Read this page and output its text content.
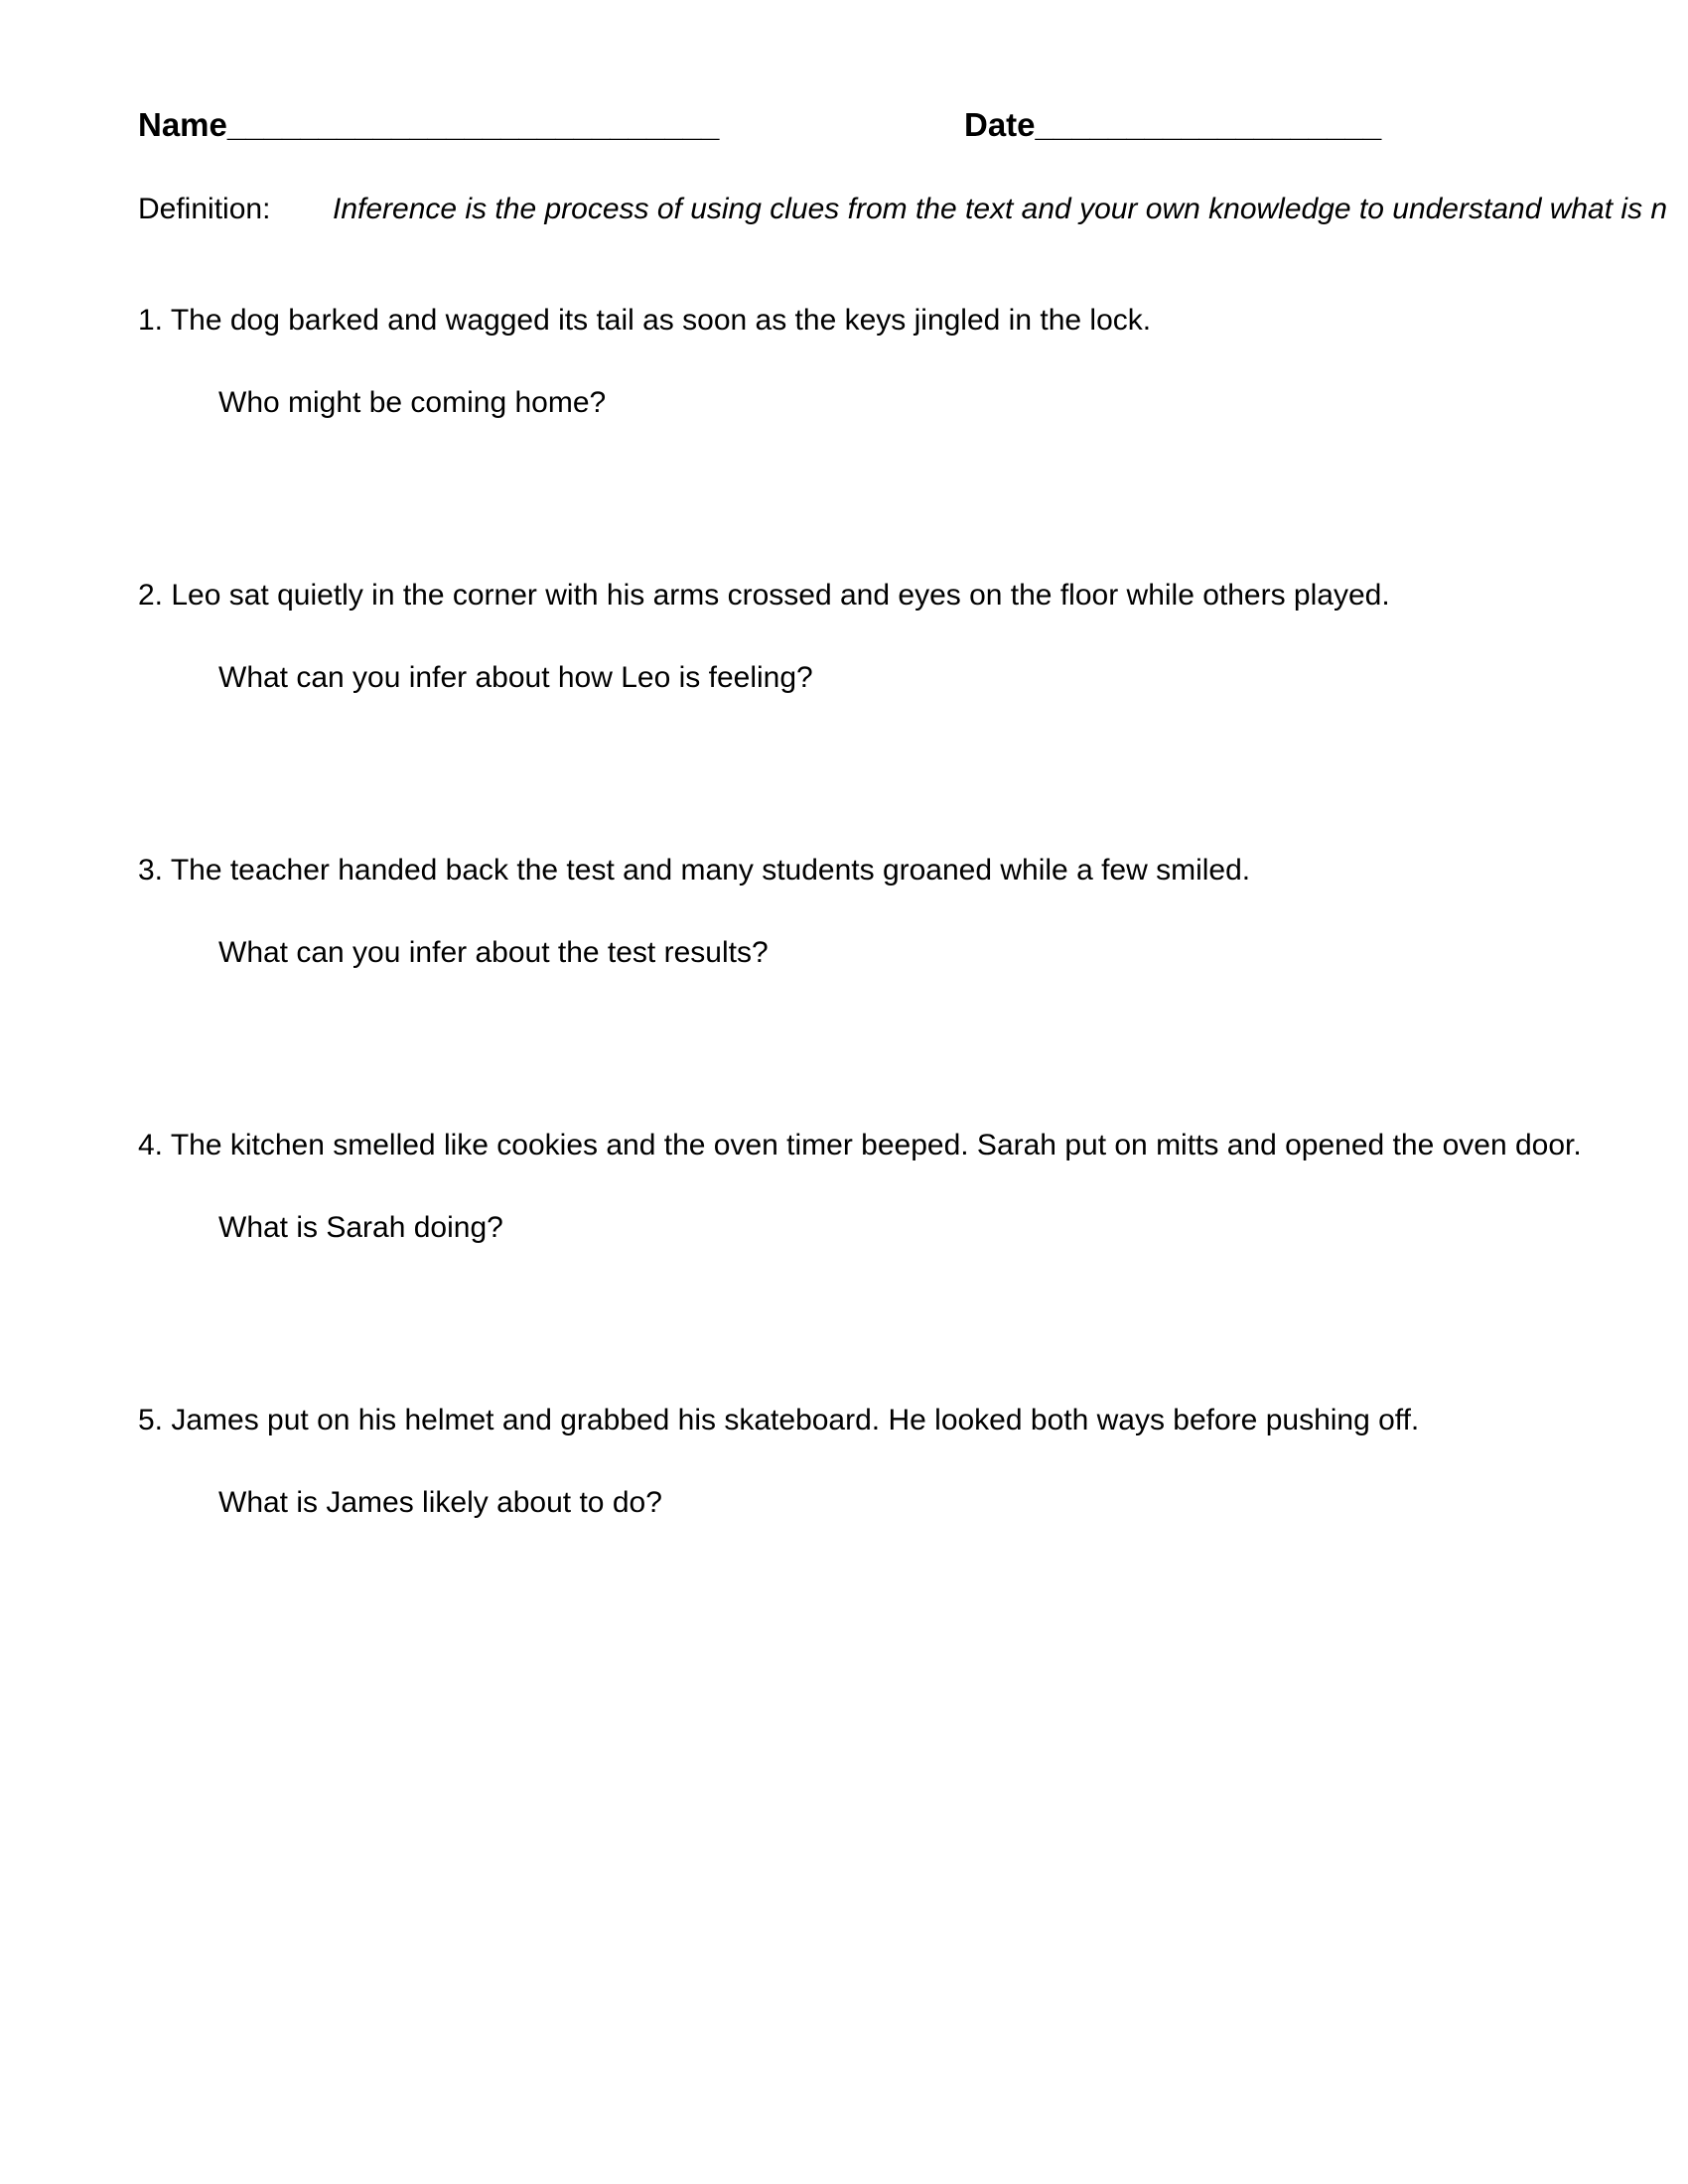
Name___________________________	Date___________________
Definition: Inference is the process of using clues from the text and your own knowledge to understand what is n
1. The dog barked and wagged its tail as soon as the keys jingled in the lock.
Who might be coming home?
2. Leo sat quietly in the corner with his arms crossed and eyes on the floor while others played.
What can you infer about how Leo is feeling?
3. The teacher handed back the test and many students groaned while a few smiled.
What can you infer about the test results?
4. The kitchen smelled like cookies and the oven timer beeped. Sarah put on mitts and opened the oven door.
What is Sarah doing?
5. James put on his helmet and grabbed his skateboard. He looked both ways before pushing off.
What is James likely about to do?
